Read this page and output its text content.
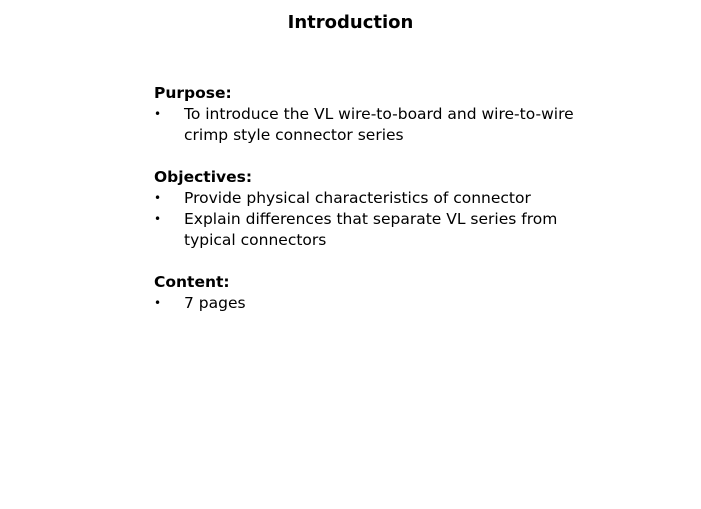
Introduction
Purpose:
• To introduce the VL wire-to-board and wire-to-wire crimp style connector series
Objectives:
• Provide physical characteristics of connector
• Explain differences that separate VL series from typical connectors
Content:
• 7 pages
